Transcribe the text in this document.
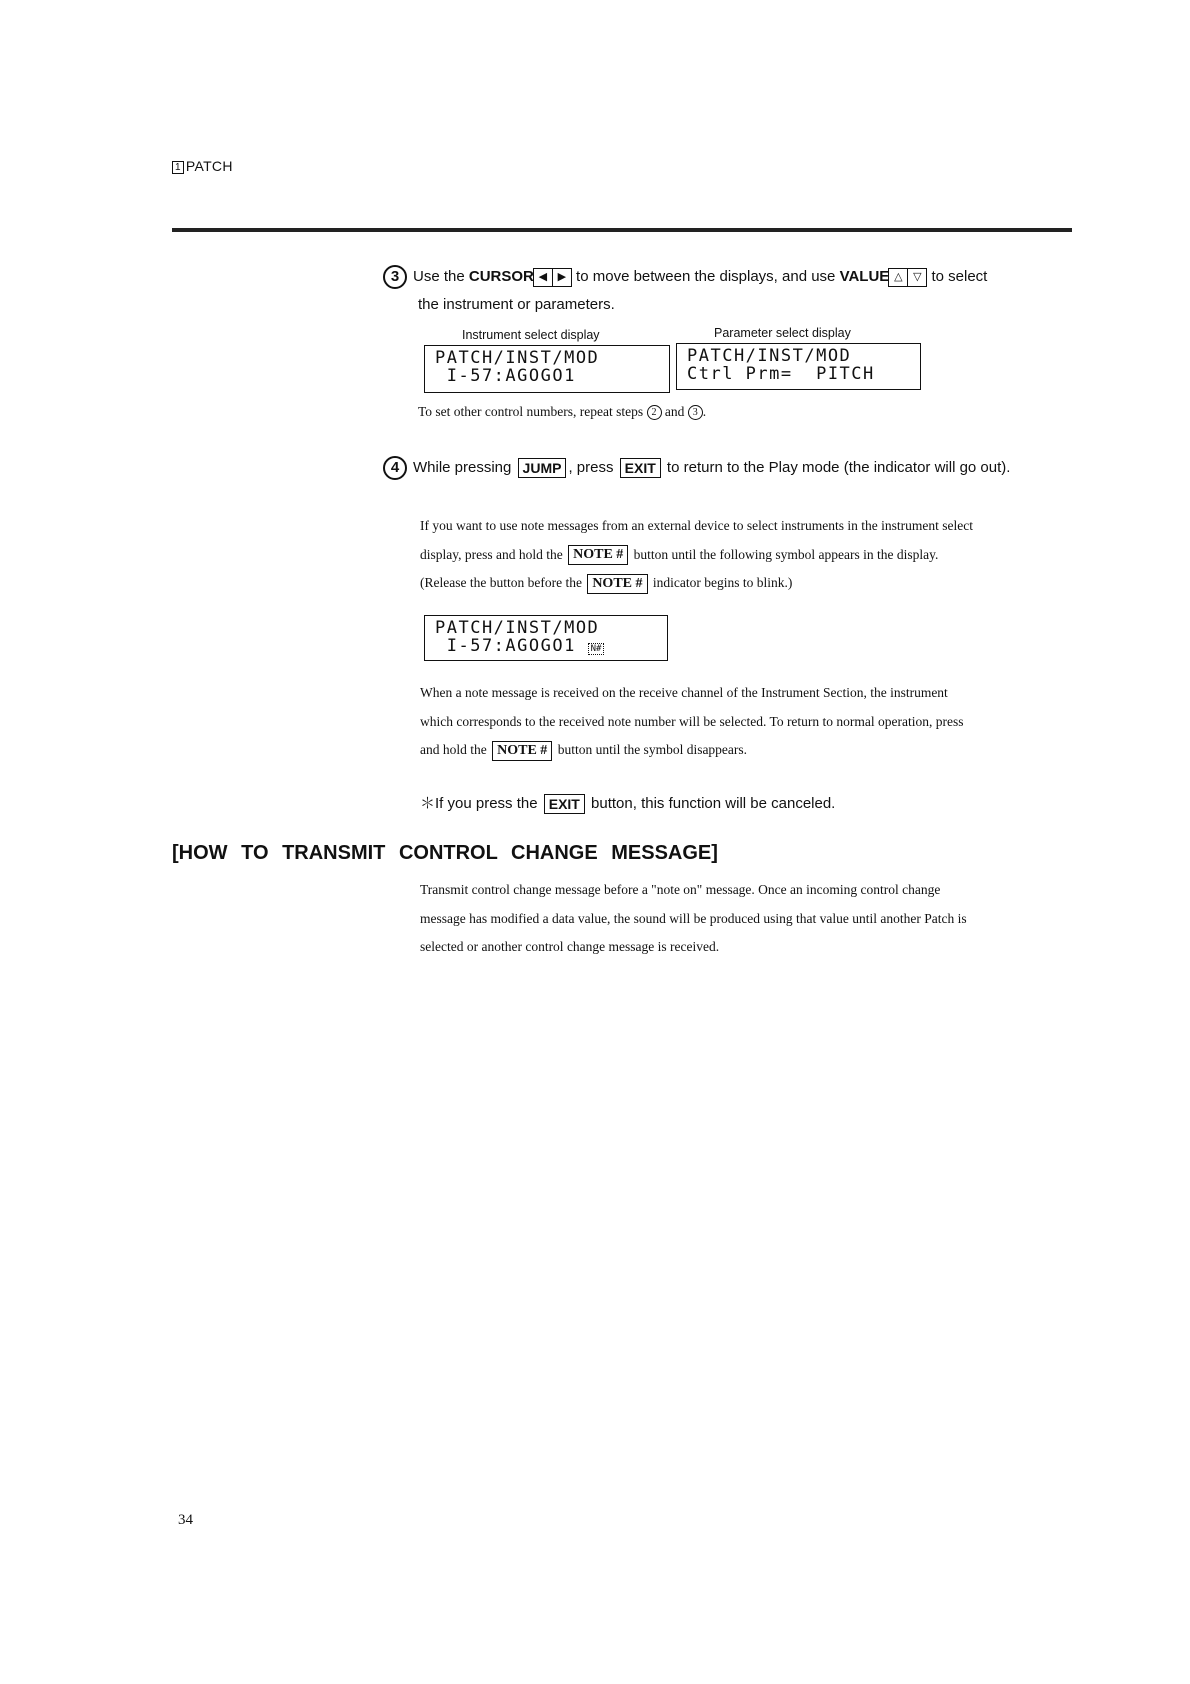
1 PATCH
3 Use the CURSOR ◀ ▶ to move between the displays, and use VALUE △ ▽ to select
the instrument or parameters.
Instrument select display	Parameter select display
PATCH/INST/MOD
I-57:AGOGO1
PATCH/INST/MOD
Ctrl Prm=  PITCH
To set other control numbers, repeat steps 2 and 3 .
4 While pressing JUMP , press EXIT to return to the Play mode (the indicator will go out).
If you want to use note messages from an external device to select instruments in the instrument select
display, press and hold the NOTE # button until the following symbol appears in the display.
(Release the button before the NOTE # indicator begins to blink.)
PATCH/INST/MOD
I-57:AGOGO1 N#
When a note message is received on the receive channel of the Instrument Section, the instrument
which corresponds to the received note number will be selected. To return to normal operation, press
and hold the NOTE # button until the symbol disappears.
＊If you press the EXIT button, this function will be canceled.
[HOW TO TRANSMIT CONTROL CHANGE MESSAGE]
Transmit control change message before a "note on" message. Once an incoming control change
message has modified a data value, the sound will be produced using that value until another Patch is
selected or another control change message is received.
34
